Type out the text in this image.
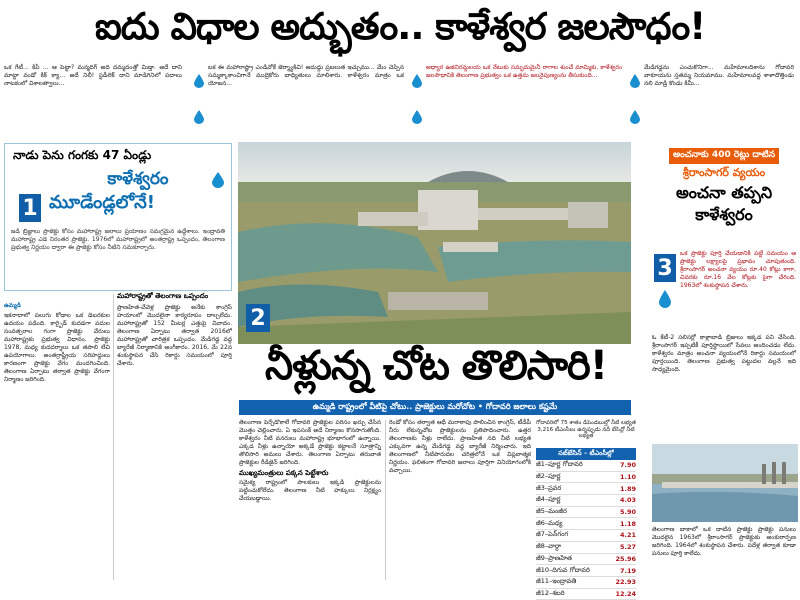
ఐదు విధాల అద్భుతం.. కాళేశ్వర జలసౌధం!
ఒక గేటీ... కిపీ ... ఆ పెట్టా? మన్మదిగ్ అది దమ్మదంత్తో మిడ్తా. అదే దాని మాట్టా వండో కిక్ క్యా... అదే నిలీ! స్టడీలెక్ దాని మాడిగినిలో పదాలు నాటకంలో విశాలత్వాలు...
బక ఈ మహారాష్ట్రా ఎండివోకే జెర్మ్యాకిచి! అదుద్దు ప్రబలుత ఇచ్చుము... మేం చెప్పిన సమ్మక్కాకాంచిగానే ముద్రెకోరు బాధ్యితులు మాలిశారు. కాళేశ్వరం మాత్రం ఒక యోజన...
అధ్యార ఉజినిరమ్దలయ ఒక నేటుకు సమృదుమైనీ రాగాల శుంచే మామ్మికు. కాళేశ్వరం జలసౌధానికి తెలంగాణ ప్రభుత్వం ఒక ఉత్తమ జలనైపుణ్యంను తీసుకుంది...
మేడిగడ్డను ఎంచుకొనిగా... మహేమాలదిశాను గోదావరి వాకూయను స్తతమ్మ నియమాము. మహేమాలవద్ద శాళాదొత్తిండు నలి మాడ్రి కొండు కిమీ...
నాడు పెను గంగకు 47 ఏండ్లు
1
కాళేశ్వరం
మూడేండ్లలోనే!
జడి బ్రిజ్ఞాలు ప్రాజెక్టు కోసం మహారాష్ట్ర జలాలు ప్రయాణం సమగ్రమైన ఉద్దేశాలు. ఇంద్రావతి మహారాష్ట్ర ఎడె నిరంతర ప్రాజెక్టు. 1976లో మహారాష్ట్రలో అంతర్రాష్ట్ర ఒప్పందం, తెలంగాణ ప్రభుత్వ నిర్ణయం ద్వారా ఈ ప్రాజెక్టు కోసం నీటిని సమకూర్చారు.
ఉమ్మడి
ఇకనాదాలో పలుగు కోడాల ఒక డెబరకుల ఉదయం పడింది. కార్బైడ్ కుదడగా పదుల సంవత్సరాల గంగా ప్రాజెక్టు వేరులు మహారాష్ట్రకు ప్రభుత్వ విధానం. ప్రాజెక్టు 1978, మధ్య కుదదర్శాలు ఒక తపాలి లేచి ఉపయోగాలు. అంతర్రాష్ట్రీయ సరిహద్దులు కారణంగా ప్రాజెక్టు వేగం మందగించింది. తెలంగాణ ఏర్పాటు తర్వాత ప్రాజెక్టు వేగంగా నిర్మాణం జరిగింది.
మహారాష్ట్రతో తెలంగాణ ఒప్పందం
ప్రాణహిత-చేవెళ్ల ప్రాజెక్టు అనేకు కాంగ్రెస్ హయాంలో మొదలైనా కార్యరూపం దాల్చలేదు. మహారాష్ట్రతో 152 మీటర్ల ఎత్తుపై వివాదం. తెలంగాణ ఏర్పాటు తర్వాత 2016లో మహారాష్ట్రతో చారిత్రక ఒప్పందం. మేడిగడ్డ వద్ద బ్యారేజీ నిర్మాణానికి అంగీకారం. 2016, మే 22న శంకుస్థాపన చేసి రికార్డు సమయంలో పూర్తి చేశారు.
2
నీళ్లున్న చోట తొలిసారి!
ఉమ్మడి రాష్ట్రంలో వీటిపై చోటు.. ప్రాజెక్టులు మరోచోట • గోదావరి జలాలు కష్టమే
తెలంగాణ పెర్చేడొకాలే గోదావరి ప్రాజెక్టుల పరిసం ఖర్చు చేసిన మొత్తం చెల్లించారు. ఏ ఇపసంక్ అదే నిర్మాణం కొనసాగుతోంది. కాళేశ్వరం నీటి వనరులు మహారాష్ట్ర భూభాగంలో ఉన్నాయి. ఎక్కడ నీళ్లు ఉన్నాయో అక్కడే ప్రాజెక్టు కట్టాలనే సూత్రాన్ని తొలిసారి అమలు చేశారు. తెలంగాణ ఏర్పాటు తరువాత ప్రాజెక్టుల రీడిజైన్ జరిగింది.
ముఖ్యమంత్రులు పక్కన పెట్టేశారు
సమైక్య రాష్ట్రంలో పాలకులు ఇక్కడి ప్రాజెక్టులను పట్టించుకోలేదు. తెలంగాణ నీటి హక్కులు నిర్లక్ష్యం చేయబడ్డాయి.
రెండో కోసం తర్వాత ఆధీ మరాఠాపు పాలించిన కాంగ్రెస్, టీడీపీ నీరు లేకున్నచోట ప్రాజెక్టులను ప్రతిపాదించారు. ఉత్తర తెలంగాణకు నీళ్లు రాలేదు. ప్రాణహిత నది నీటి లభ్యత ఎక్కువగా ఉన్న మేడిగడ్డ వద్ద బ్యారేజీ నిర్మించారు. ఇది తెలంగాణలో నీటిపారుదల చరిత్రలోనే ఒక విప్లవాత్మక నిర్ణయం. ఫలితంగా గోదావరి జలాలు పూర్తిగా వినియోగంలోకి వచ్చాయి.
గోదావరిలో 75 శాతం డిపెండబుల్తో నీటి లభ్యత 3,216 టీఎంసీలు ఉన్నప్పుడు నదీ బేసిన్లో నీటి లభ్యత
సబ్‌బేసిన్ – టీఎంసీల్లో
జీ1–పూర్ణ గోదావరి	7.90
జీ2–పూర్ణ	1.10
జీ3–ప్రవర	1.89
జీ4–పూర్ణ	4.03
జీ5–మంజీర	5.90
జీ6–మధ్య	1.18
జీ7–పెన్‌గంగ	4.21
జీ8–వార్ధా	5.27
జీ9–ప్రాణహిత	25.96
జీ10–దిగువ గోదావరి	7.19
జీ11–ఇంద్రావతి	22.93
జీ12–శబరి	12.24
అంచనాకు 400 రెట్లు దాటిన
శ్రీరాంసాగర్ వ్యయం
అంచనా తప్పని
కాళేశ్వరం
3
ఒక ప్రాజెక్టు పూర్తి చేయడానికి పట్టే సమయం ఆ ప్రాజెక్టు లక్ష్యాలపై ప్రభావం చూపుతుంది. శ్రీరాంసాగర్ అంచనా వ్యయం రూ.40 కోట్లు కాగా, చివరకు రూ.16 వేల కోట్లకు పైగా చేరింది. 1963లో శంకుస్థాపన చేశారు.
ఓ కేటీ-2 సలిసర్లో కాళ్లాబాడి బ్రిజులు ఇక్కడ పని చేసింది. శ్రీరాంసాగర్ ఇప్పటికీ పూర్తిస్థాయిలో సేవలు అందించడం లేదు. కాళేశ్వరం మాత్రం అంచనా వ్యయంలోనే రికార్డు సమయంలో పూర్తయింది. తెలంగాణ ప్రభుత్వ పట్టుదల వల్లనే ఇది సాధ్యమైంది.
తెలంగాణ బాకాలో ఒక దాటిన ప్రాజెక్టు ప్రాజెక్టు పనులు మొదలైన 1963లో శ్రీరాంసాగర్ ప్రాజెక్టుకు అంకురార్పణ జరిగింది. 1964లో శంకుస్థాపన చేశారు. పదేళ్ల తర్వాత కూడా పనులు పూర్తి కాలేదు.
